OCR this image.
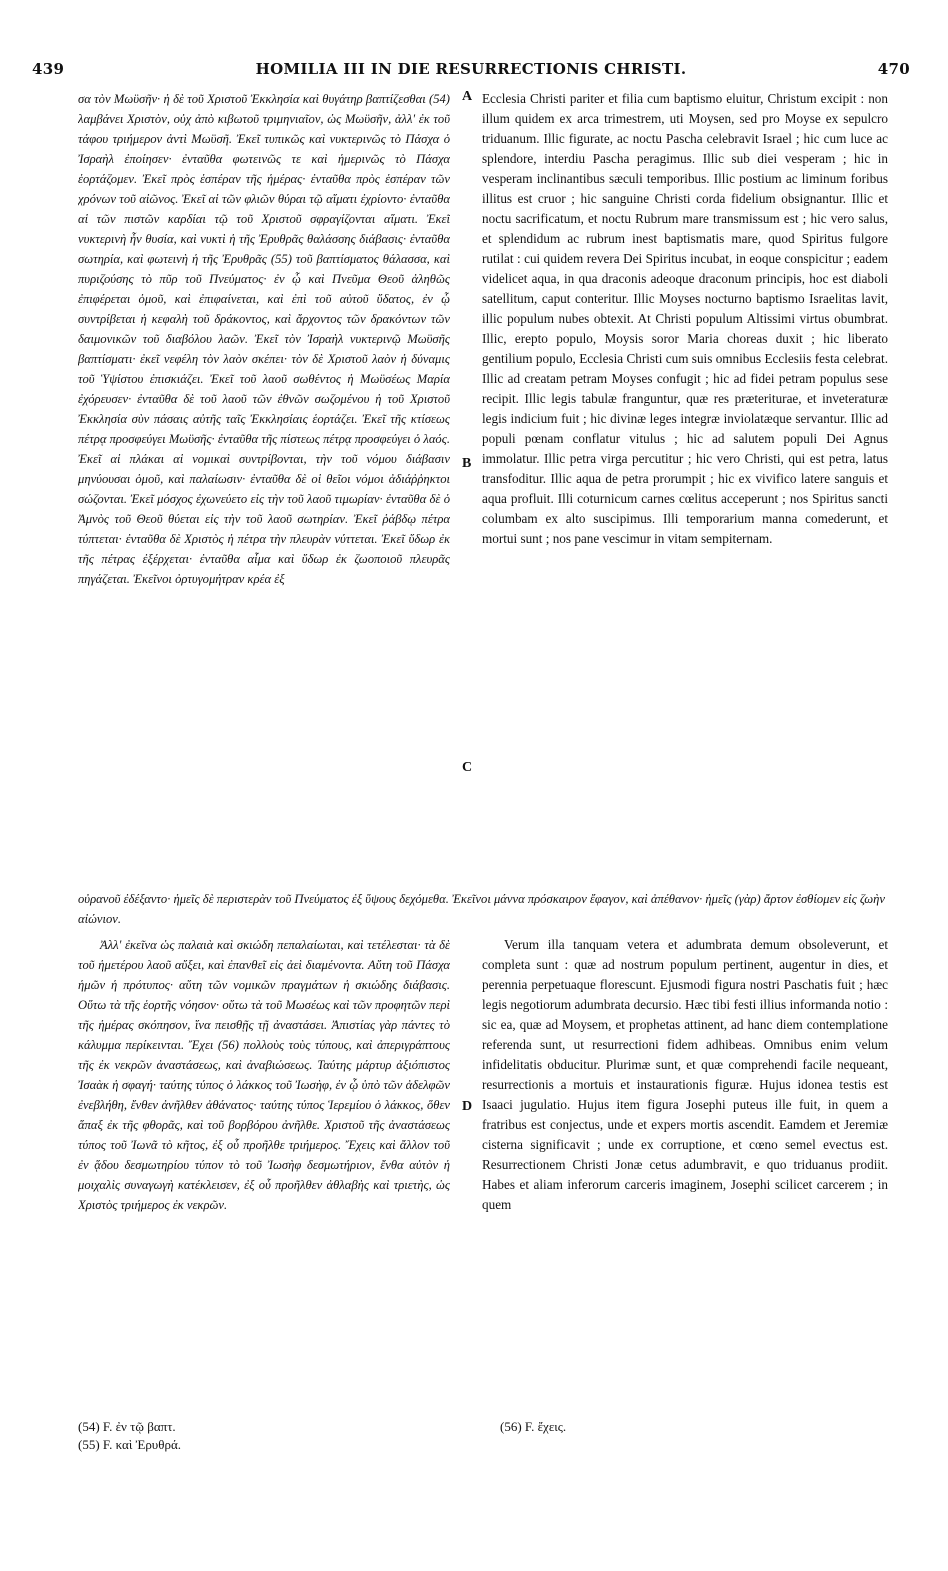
439	HOMILIA III IN DIE RESURRECTIONIS CHRISTI.	470

σα τὸν Μωϋσῆν· ἡ δὲ τοῦ Χριστοῦ Ἐκκλησία καὶ θυγάτηρ βαπτίζεσθαι (54) λαμβάνει Χριστὸν, οὐχ ἀπὸ κιβωτοῦ τριμηνιαῖον, ὡς Μωϋσῆν, ἀλλ' ἐκ τοῦ τάφου τριήμερον ἀντὶ Μωϋσῆ. Ἐκεῖ τυπικῶς καὶ νυκτερινῶς τὸ Πάσχα ὁ Ἰσραὴλ ἐποίησεν· ἐνταῦθα φωτεινῶς τε καὶ ἡμερινῶς τὸ Πάσχα ἑορτάζομεν. Ἐκεῖ πρὸς ἑσπέραν τῆς ἡμέρας· ἐνταῦθα πρὸς ἑσπέραν τῶν χρόνων τοῦ αἰῶνος. Ἐκεῖ αἱ τῶν φλιῶν θύραι τῷ αἵματι ἐχρίοντο· ἐνταῦθα αἱ τῶν πιστῶν καρδίαι τῷ τοῦ Χριστοῦ σφραγίζονται αἵματι. Ἐκεῖ νυκτερινὴ ἦν θυσία, καὶ νυκτὶ ἡ τῆς Ἐρυθρᾶς θαλάσσης διάβασις· ἐνταῦθα σωτηρία, καὶ φωτεινὴ ἡ τῆς Ἐρυθρᾶς (55) τοῦ βαπτίσματος θάλασσα, καὶ πυριζούσης τὸ πῦρ τοῦ Πνεύματος· ἐν ᾧ καὶ Πνεῦμα Θεοῦ ἀληθῶς ἐπιφέρεται ὁμοῦ, καὶ ἐπιφαίνεται, καὶ ἐπὶ τοῦ αὐτοῦ ὕδατος, ἐν ᾧ συντρίβεται ἡ κεφαλὴ τοῦ δράκοντος, καὶ ἄρχοντος τῶν δρακόντων τῶν δαιμονικῶν τοῦ διαβόλου λαῶν. Ἐκεῖ τὸν Ἰσραὴλ νυκτερινῷ Μωϋσῆς βαπτίσματι· ἐκεῖ νεφέλη τὸν λαὸν σκέπει· τὸν δὲ Χριστοῦ λαὸν ἡ δύναμις τοῦ Ὑψίστου ἐπισκιάζει. Ἐκεῖ τοῦ λαοῦ σωθέντος ἡ Μωϋσέως Μαρία ἐχόρευσεν· ἐνταῦθα δὲ τοῦ λαοῦ τῶν ἐθνῶν σωζομένου ἡ τοῦ Χριστοῦ Ἐκκλησία σὺν πάσαις αὐτῆς ταῖς Ἐκκλησίαις ἑορτάζει. Ἐκεῖ τῆς κτίσεως πέτρᾳ προσφεύγει Μωϋσῆς· ἐνταῦθα τῆς πίστεως πέτρᾳ προσφεύγει ὁ λαός. Ἐκεῖ αἱ πλάκαι αἱ νομικαὶ συντρίβονται, τὴν τοῦ νόμου διάβασιν μηνύουσαι ὁμοῦ, καὶ παλαίωσιν· ἐνταῦθα δὲ οἱ θεῖοι νόμοι ἀδιάῤῥηκτοι σώζονται. Ἐκεῖ μόσχος ἐχωνεύετο εἰς τὴν τοῦ λαοῦ τιμωρίαν· ἐνταῦθα δὲ ὁ Ἀμνὸς τοῦ Θεοῦ θύεται εἰς τὴν τοῦ λαοῦ σωτηρίαν. Ἐκεῖ ῥάβδῳ πέτρα τύπτεται· ἐνταῦθα δὲ Χριστὸς ἡ πέτρα τὴν πλευρὰν νύττεται. Ἐκεῖ ὕδωρ ἐκ τῆς πέτρας ἐξέρχεται· ἐνταῦθα αἷμα καὶ ὕδωρ ἐκ ζωοποιοῦ πλευρᾶς πηγάζεται. Ἐκεῖνοι ὀρτυγομήτραν κρέα ἐξ

Ecclesia Christi pariter et filia cum baptismo eluitur, Christum excipit : non illum quidem ex arca trimestrem, uti Moysen, sed pro Moyse ex sepulcro triduanum. Illic figurate, ac noctu Pascha celebravit Israel ; hic cum luce ac splendore, interdiu Pascha peragimus. Illic sub diei vesperam ; hic in vesperam inclinantibus sæculi temporibus. Illic postium ac liminum foribus illitus est cruor ; hic sanguine Christi corda fidelium obsignantur. Illic et noctu sacrificatum, et noctu Rubrum mare transmissum est ; hic vero salus, et splendidum ac rubrum inest baptismatis mare, quod Spiritus fulgore rutilat : cui quidem revera Dei Spiritus incubat, in eoque conspicitur ; eadem videlicet aqua, in qua draconis adeoque draconum principis, hoc est diaboli satellitum, caput conteritur. Illic Moyses nocturno baptismo Israelitas lavit, illic populum nubes obtexit. At Christi populum Altissimi virtus obumbrat. Illic, erepto populo, Moysis soror Maria choreas duxit ; hic liberato gentilium populo, Ecclesia Christi cum suis omnibus Ecclesiis festa celebrat. Illic ad creatam petram Moyses confugit ; hic ad fidei petram populus sese recipit. Illic legis tabulæ franguntur, quæ res præteriturae, et inveteraturæ legis indicium fuit ; hic divinæ leges integræ inviolatæque servantur. Illic ad populi pœnam conflatur vitulus ; hic ad salutem populi Dei Agnus immolatur. Illic petra virga percutitur ; hic vero Christi, qui est petra, latus transfoditur. Illic aqua de petra prorumpit ; hic ex vivifico latere sanguis et aqua profluit. Illi coturnicum carnes cœlitus acceperunt ; nos Spiritus sancti columbam ex alto suscipimus. Illi temporarium manna comederunt, et mortui sunt ; nos pane vescimur in vitam sempiternam.

οὐρανοῦ ἐδέξαντο· ἡμεῖς δὲ περιστερὰν τοῦ Πνεύματος ἐξ ὕψους δεχόμεθα. Ἐκεῖνοι μάννα πρόσκαιρον ἔφαγον, καὶ ἀπέθανον· ἡμεῖς (γὰρ) ἄρτον ἐσθίομεν εἰς ζωὴν αἰώνιον.

Ἀλλ' ἐκεῖνα ὡς παλαιὰ καὶ σκιώδη πεπαλαίωται, καὶ τετέλεσται· τὰ δὲ τοῦ ἡμετέρου λαοῦ αὔξει, καὶ ἐπανθεῖ εἰς ἀεὶ διαμένοντα. Αὕτη τοῦ Πάσχα ἡμῶν ἡ πρότυπος· αὕτη τῶν νομικῶν πραγμάτων ἡ σκιώδης διάβασις. Οὕτω τὰ τῆς ἑορτῆς νόησον· οὕτω τὰ τοῦ Μωσέως καὶ τῶν προφητῶν περὶ τῆς ἡμέρας σκόπησον, ἵνα πεισθῇς τῇ ἀναστάσει. Ἀπιστίας γὰρ πάντες τὸ κάλυμμα περίκεινται. Ἔχει (56) πολλοὺς τοὺς τύπους, καὶ ἀπεριγράπτους τῆς ἐκ νεκρῶν ἀναστάσεως, καὶ ἀναβιώσεως. Ταύτης μάρτυρ ἀξιόπιστος Ἰσαὰκ ἡ σφαγή· ταύτης τύπος ὁ λάκκος τοῦ Ἰωσὴφ, ἐν ᾧ ὑπὸ τῶν ἀδελφῶν ἐνεβλήθη, ἔνθεν ἀνῆλθεν ἀθάνατος· ταύτης τύπος Ἱερεμίου ὁ λάκκος, ὅθεν ἅπαξ ἐκ τῆς φθορᾶς, καὶ τοῦ βορβόρου ἀνῆλθε. Χριστοῦ τῆς ἀναστάσεως τύπος τοῦ Ἰωνᾶ τὸ κῆτος, ἐξ οὗ προῆλθε τριήμερος. Ἔχεις καὶ ἄλλον τοῦ ἐν ᾅδου δεσμωτηρίου τύπον τὸ τοῦ Ἰωσὴφ δεσμωτήριον, ἔνθα αὐτὸν ἡ μοιχαλὶς συναγωγὴ κατέκλεισεν, ἐξ οὗ προῆλθεν ἀθλαβὴς καὶ τριετὴς, ὡς Χριστὸς τριήμερος ἐκ νεκρῶν.

Verum illa tanquam vetera et adumbrata demum obsoleverunt, et completa sunt : quæ ad nostrum populum pertinent, augentur in dies, et perennia perpetuaque florescunt. Ejusmodi figura nostri Paschatis fuit ; hæc legis negotiorum adumbrata decursio. Hæc tibi festi illius informanda notio : sic ea, quæ ad Moysem, et prophetas attinent, ad hanc diem contemplatione referenda sunt, ut resurrectioni fidem adhibeas. Omnibus enim velum infidelitatis obducitur. Plurimæ sunt, et quæ comprehendi facile nequeant, resurrectionis a mortuis et instaurationis figuræ. Hujus idonea testis est Isaaci jugulatio. Hujus item figura Josephi puteus ille fuit, in quem a fratribus est conjectus, unde et expers mortis ascendit. Eamdem et Jeremiæ cisterna significavit ; unde ex corruptione, et cœno semel evectus est. Resurrectionem Christi Jonæ cetus adumbravit, e quo triduanus prodiit. Habes et aliam inferorum carceris imaginem, Josephi scilicet carcerem ; in quem

A
B
C
D
(54) F. ἐν τῷ βαπτ.
(55) F. καὶ Ἐρυθρά.
(56) F. ἔχεις.
